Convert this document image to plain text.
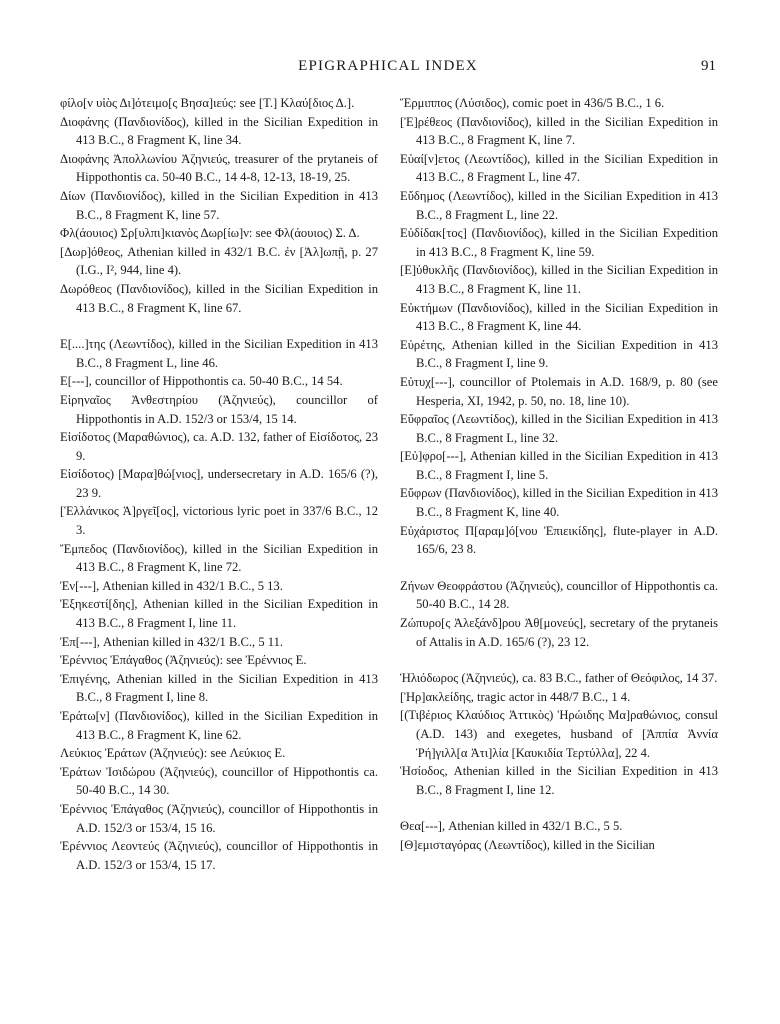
EPIGRAPHICAL INDEX	91

φίλο[ν υἱὸς Δι]ότειμο[ς Βησα]ιεύς: see [T.] Κλαύ[διος Δ.].

Διοφάνης (Πανδιονίδος), killed in the Sicilian Expedition in 413 B.C., 8 Fragment K, line 34.

Διοφάνης Ἀπολλωνίου Ἀζηνιεύς, treasurer of the prytaneis of Hippothontis ca. 50-40 B.C., 14 4-8, 12-13, 18-19, 25.

Δίων (Πανδιονίδος), killed in the Sicilian Expedition in 413 B.C., 8 Fragment K, line 57.

Φλ(άουιος) Σρ[υλπι]κιανὸς Δωρ[ίω]ν: see Φλ(άουιος) Σ. Δ.

[Δωρ]όθεος, Athenian killed in 432/1 B.C. ἐν [Ἀλ]ωπῇ, p. 27 (I.G., I², 944, line 4).

Δωρόθεος (Πανδιονίδος), killed in the Sicilian Expedition in 413 B.C., 8 Fragment K, line 67.

E[....]της (Λεωντίδος), killed in the Sicilian Expedition in 413 B.C., 8 Fragment L, line 46.

E[---], councillor of Hippothontis ca. 50-40 B.C., 14 54.

Εἰρηναῖος Ἀνθεστηρίου (Ἀζηνιεύς), councillor of Hippothontis in A.D. 152/3 or 153/4, 15 14.

Εἰσίδοτος (Μαραθώνιος), ca. A.D. 132, father of Εἰσίδοτος, 23 9.

Εἰσίδοτος) [Μαρα]θώ[νιος], undersecretary in A.D. 165/6 (?), 23 9.

[Ἑλλάνικος Ἀ]ργεῖ[ος], victorious lyric poet in 337/6 B.C., 12 3.

Ἔμπεδος (Πανδιονίδος), killed in the Sicilian Expedition in 413 B.C., 8 Fragment K, line 72.

Ἐν[---], Athenian killed in 432/1 B.C., 5 13.

Ἐξηκεστί[δης], Athenian killed in the Sicilian Expedition in 413 B.C., 8 Fragment I, line 11.

Ἐπ[---], Athenian killed in 432/1 B.C., 5 11.

Ἐρέννιος Ἐπάγαθος (Ἀζηνιεύς): see Ἐρέννιος Ε.

Ἐπιγένης, Athenian killed in the Sicilian Expedition in 413 B.C., 8 Fragment I, line 8.

Ἐράτω[ν] (Πανδιονίδος), killed in the Sicilian Expedition in 413 B.C., 8 Fragment K, line 62.

Λεύκιος Ἐράτων (Ἀζηνιεύς): see Λεύκιος Ε.

Ἐράτων Ἰσιδώρου (Ἀζηνιεύς), councillor of Hippothontis ca. 50-40 B.C., 14 30.

Ἐρέννιος Ἐπάγαθος (Ἀζηνιεύς), councillor of Hippothontis in A.D. 152/3 or 153/4, 15 16.

Ἐρέννιος Λεοντεύς (Ἀζηνιεύς), councillor of Hippothontis in A.D. 152/3 or 153/4, 15 17.

Ἕρμιππος (Λύσιδος), comic poet in 436/5 B.C., 1 6.

[Ἐ]ρέθεος (Πανδιονίδος), killed in the Sicilian Expedition in 413 B.C., 8 Fragment K, line 7.

Εὐαί[ν]ετος (Λεωντίδος), killed in the Sicilian Expedition in 413 B.C., 8 Fragment L, line 47.

Εὔδημος (Λεωντίδος), killed in the Sicilian Expedition in 413 B.C., 8 Fragment L, line 22.

Εὐδίδακ[τος] (Πανδιονίδος), killed in the Sicilian Expedition in 413 B.C., 8 Fragment K, line 59.

[Ε]ὐθυκλῆς (Πανδιονίδος), killed in the Sicilian Expedition in 413 B.C., 8 Fragment K, line 11.

Εὐκτήμων (Πανδιονίδος), killed in the Sicilian Expedition in 413 B.C., 8 Fragment K, line 44.

Εὐρέτης, Athenian killed in the Sicilian Expedition in 413 B.C., 8 Fragment I, line 9.

Εὐτυχ[---], councillor of Ptolemais in A.D. 168/9, p. 80 (see Hesperia, XI, 1942, p. 50, no. 18, line 10).

Εὔφραῖος (Λεωντίδος), killed in the Sicilian Expedition in 413 B.C., 8 Fragment L, line 32.

[Εὐ]φρο[---], Athenian killed in the Sicilian Expedition in 413 B.C., 8 Fragment I, line 5.

Εὔφρων (Πανδιονίδος), killed in the Sicilian Expedition in 413 B.C., 8 Fragment K, line 40.

Εὐχάριστος Π[αραμ]ό[νου Ἐπιεικίδης], flute-player in A.D. 165/6, 23 8.

Ζήνων Θεοφράστου (Ἀζηνιεύς), councillor of Hippothontis ca. 50-40 B.C., 14 28.

Ζώπυρο[ς Ἀλεξάνδ]ρου Ἀθ[μονεύς], secretary of the prytaneis of Attalis in A.D. 165/6 (?), 23 12.

Ἡλιόδωρος (Ἀζηνιεύς), ca. 83 B.C., father of Θεόφιλος, 14 37.

[Ἡρ]ακλείδης, tragic actor in 448/7 B.C., 1 4.

[(Τιβέριος Κλαύδιος Ἀττικὸς) Ἡρώιδης Μα]ραθώνιος, consul (A.D. 143) and exegetes, husband of [Ἀππία Ἀννία Ῥή]γιλλ[α Ἀτι]λία [Καυκιδία Τερτύλλα], 22 4.

Ἡσίοδος, Athenian killed in the Sicilian Expedition in 413 B.C., 8 Fragment I, line 12.

Θεα[---], Athenian killed in 432/1 B.C., 5 5.

[Θ]εμισταγόρας (Λεωντίδος), killed in the Sicilian
